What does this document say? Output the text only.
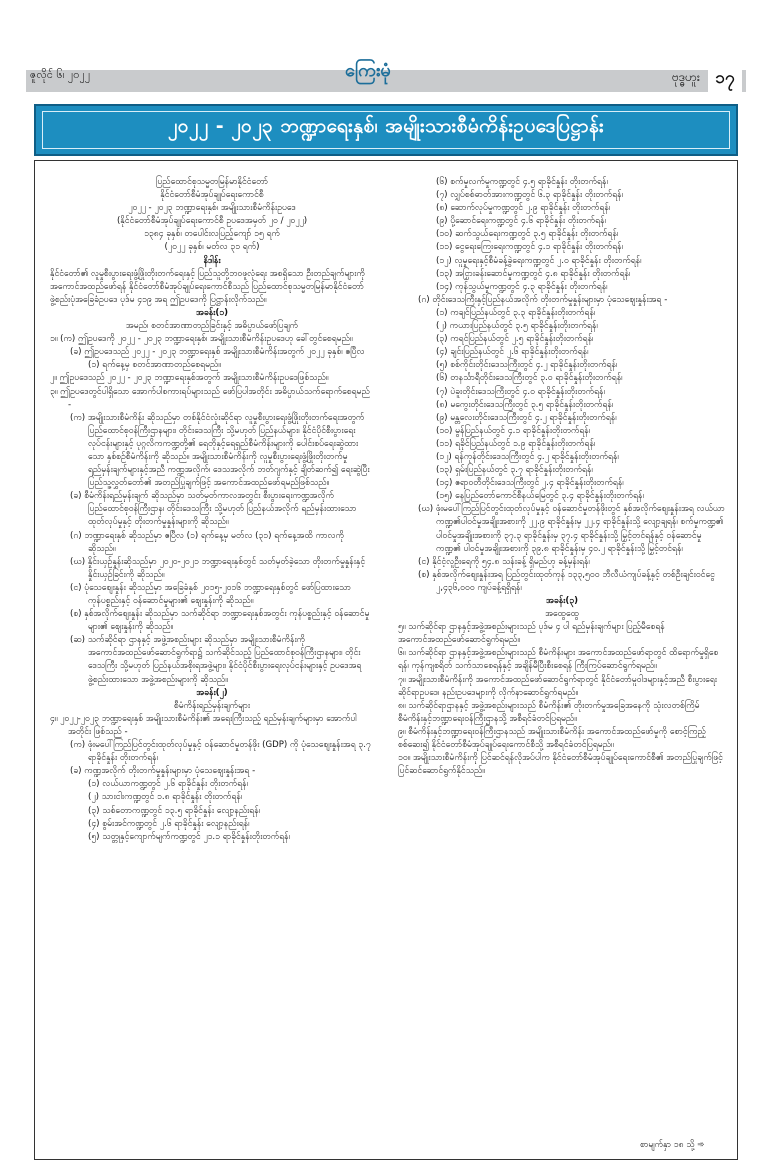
ဇူလိုင် ၆၊ ၂၀၂၂	ကြေးမုံ	ဗုဒ္ဓဟူး ၁၇
၂၀၂၂ - ၂၀၂၃ ဘဏ္ဍာရေးနှစ်၊ အမျိုးသားစီမံကိန်းဥပဒေပြဋ္ဌာန်း

ပြည်ထောင်စုသမ္မတမြန်မာနိုင်ငံတော်

နိုင်ငံတော်စီမံအုပ်ချုပ်ရေးကောင်စီ

၂၀၂၂ - ၂၀၂၃ ဘဏ္ဍာရေးနှစ်၊ အမျိုးသားစီမံကိန်းဥပဒေ

(နိုင်ငံတော်စီမံအုပ်ချုပ်ရေးကောင်စီ ဥပဒေအမှတ် ၂၀ / ၂၀၂၂)

၁၃၈၄ ခုနှစ်၊ တပေါင်းလပြည့်ကျော် ၁၅ ရက်

(၂၀၂၂ ခုနှစ်၊ မတ်လ ၃၁ ရက်)

နိဒါန်း

နိုင်ငံတော်၏ လူမှုစီးပွားရေးဖွံ့ဖြိုးတိုးတက်ရေးနှင့် ပြည်သူတို့ဘဝဖူလုံရေး အစရှိသော ဦးတည်ချက်များကို အကောင်အထည်ဖော်ရန် နိုင်ငံတော်စီမံအုပ်ချုပ်ရေးကောင်စီသည် ပြည်ထောင်စုသမ္မတမြန်မာနိုင်ငံတော် ဖွဲ့စည်းပုံအခြေခံဥပဒေ ပုဒ်မ ၄၁၉ အရ ဤဥပဒေကို ပြဋ္ဌာန်းလိုက်သည်။

အခန်း(၁)

အမည်၊ စတင်အာဏာတည်ခြင်းနှင့် အဓိပ္ပာယ်ဖော်ပြချက်

၁။ (က) ဤဥပဒေကို ၂၀၂၂ - ၂၀၂၃ ဘဏ္ဍာရေးနှစ်၊ အမျိုးသားစီမံကိန်းဥပဒေဟု ခေါ်တွင်စေရမည်။

(ခ) ဤဥပဒေသည် ၂၀၂၂ - ၂၀၂၃ ဘဏ္ဍာရေးနှစ် အမျိုးသားစီမံကိန်းအတွက် ၂၀၂၂ ခုနှစ်၊ ဧပြီလ (၁) ရက်နေ့မှ စတင်အာဏာတည်စေရမည်။

၂။ ဤဥပဒေသည် ၂၀၂၂ - ၂၀၂၃ ဘဏ္ဍာရေးနှစ်အတွက် အမျိုးသားစီမံကိန်းဥပဒေဖြစ်သည်။

၃။ ဤဥပဒေတွင်ပါရှိသော အောက်ပါစကားရပ်များသည် ဖော်ပြပါအတိုင်း အဓိပ္ပာယ်သက်ရောက်စေရမည် -

(က) အမျိုးသားစီမံကိန်း ဆိုသည်မှာ တစ်နိုင်ငံလုံးဆိုင်ရာ လူမှုစီးပွားရေးဖွံ့ဖြိုးတိုးတက်ရေးအတွက် ပြည်ထောင်စုဝန်ကြီးဌာနများ၊ တိုင်းဒေသကြီး သို့မဟုတ် ပြည်နယ်များ၊ နိုင်ငံပိုင်စီးပွားရေးလုပ်ငန်းများနှင့် ပုဂ္ဂလိကကဏ္ဍတို့၏ ရေတိုနှင့်ရေရှည်စီမံကိန်းများကို ပေါင်းစပ်ရေးဆွဲထားသော နှစ်စဉ်စီမံကိန်းကို ဆိုသည်။ အမျိုးသားစီမံကိန်းကို လူမှုစီးပွားရေးဖွံ့ဖြိုးတိုးတက်မှုရည်မှန်းချက်များနှင့်အညီ ကဏ္ဍအလိုက်၊ ဒေသအလိုက် ဘတ်ဂျက်နှင့် ချိတ်ဆက်၍ ရေးဆွဲပြီး ပြည်သူ့လွှတ်တော်၏ အတည်ပြုချက်ဖြင့် အကောင်အထည်ဖော်ရမည်ဖြစ်သည်။

(ခ) စီမံကိန်းရည်မှန်းချက် ဆိုသည်မှာ သတ်မှတ်ကာလအတွင်း စီးပွားရေးကဏ္ဍအလိုက် ပြည်ထောင်စုဝန်ကြီးဌာန၊ တိုင်းဒေသကြီး သို့မဟုတ် ပြည်နယ်အလိုက် ရည်မှန်းထားသော ထုတ်လုပ်မှုနှင့် တိုးတက်မှုနှုန်းများကို ဆိုသည်။

(ဂ) ဘဏ္ဍာရေးနှစ် ဆိုသည်မှာ ဧပြီလ (၁) ရက်နေ့မှ မတ်လ (၃၁) ရက်နေ့အထိ ကာလကို ဆိုသည်။

(ဃ) နှိုင်းယှဉ်နှုန်းဆိုသည်မှာ ၂၀၂၀-၂၀၂၁ ဘဏ္ဍာရေးနှစ်တွင် သတ်မှတ်ခဲ့သော တိုးတက်မှုနှုန်းနှင့် နှိုင်းယှဉ်ခြင်းကို ဆိုသည်။

(င) ပုံသေစျေးနှုန်း ဆိုသည်မှာ အခြေခံနှစ် ၂၀၁၅-၂၀၁၆ ဘဏ္ဍာရေးနှစ်တွင် ဖော်ပြထားသော ကုန်ပစ္စည်းနှင့် ဝန်ဆောင်မှုများ၏ စျေးနှုန်းကို ဆိုသည်။

(စ) နှစ်အလိုက်စျေးနှုန်း ဆိုသည်မှာ သက်ဆိုင်ရာ ဘဏ္ဍာရေးနှစ်အတွင်း ကုန်ပစ္စည်းနှင့် ဝန်ဆောင်မှုများ၏ စျေးနှုန်းကို ဆိုသည်။

(ဆ) သက်ဆိုင်ရာ ဌာနနှင့် အဖွဲ့အစည်းများ ဆိုသည်မှာ အမျိုးသားစီမံကိန်းကို အကောင်အထည်ဖော်ဆောင်ရွက်ရာ၌ သက်ဆိုင်သည့် ပြည်ထောင်စုဝန်ကြီးဌာနများ၊ တိုင်းဒေသကြီး သို့မဟုတ် ပြည်နယ်အစိုးရအဖွဲ့များ၊ နိုင်ငံပိုင်စီးပွားရေးလုပ်ငန်းများနှင့် ဥပဒေအရဖွဲ့စည်းထားသော အဖွဲ့အစည်းများကို ဆိုသည်။

အခန်း(၂)

စီမံကိန်းရည်မှန်းချက်များ

၄။ ၂၀၂၂-၂၀၂၃ ဘဏ္ဍာရေးနှစ် အမျိုးသားစီမံကိန်း၏ အရေးကြီးသည့် ရည်မှန်းချက်များမှာ အောက်ပါအတိုင်း ဖြစ်သည် -

(က) ဖုံးမပေါ်ကြည်ပြင်တွင်းထုတ်လုပ်မှုနှင့် ဝန်ဆောင်မှုတန်ဖိုး (GDP) ကို ပုံသေစျေးနှုန်းအရ ၃.၇ ရာခိုင်နှုန်း တိုးတက်ရန်၊

(ခ) ကဏ္ဍအလိုက် တိုးတက်မှုနှုန်းများမှာ ပုံသေစျေးနှုန်းအရ -

(၁) လယ်ယာကဏ္ဍတွင် ၂.၆ ရာခိုင်နှုန်း တိုးတက်ရန်၊

(၂) သားငါးကဏ္ဍတွင် ၁.၈ ရာခိုင်နှုန်း တိုးတက်ရန်၊

(၃) သစ်တောကဏ္ဍတွင် ၁၃.၅ ရာခိုင်နှုန်း လျော့နည်းရန်၊

(၄) စွမ်းအင်ကဏ္ဍတွင် ၂.၆ ရာခိုင်နှုန်း လျော့နည်းရန်၊

(၅) သတ္တုနှင့်ကျောက်မျက်ကဏ္ဍတွင် ၂၁.၁ ရာခိုင်နှုန်းတိုးတက်ရန်၊

(၆) စက်မှုလက်မှုကဏ္ဍတွင် ၄.၅ ရာခိုင်နှုန်း တိုးတက်ရန်၊

(၇) လျှပ်စစ်ဓာတ်အားကဏ္ဍတွင် ၆.၃ ရာခိုင်နှုန်း တိုးတက်ရန်၊

(၈) ဆောက်လုပ်မှုကဏ္ဍတွင် ၂.၉ ရာခိုင်နှုန်း တိုးတက်ရန်၊

(၉) ပို့ဆောင်ရေးကဏ္ဍတွင် ၄.၆ ရာခိုင်နှုန်း တိုးတက်ရန်၊

(၁၀) ဆက်သွယ်ရေးကဏ္ဍတွင် ၃.၅ ရာခိုင်နှုန်း တိုးတက်ရန်၊

(၁၁) ငွေရေးကြေးရေးကဏ္ဍတွင် ၄.၁ ရာခိုင်နှုန်း တိုးတက်ရန်၊

(၁၂) လူမှုရေးနှင့်စီမံခန့်ခွဲရေးကဏ္ဍတွင် ၂.၀ ရာခိုင်နှုန်း တိုးတက်ရန်၊

(၁၃) အငြှားခန်းဆောင်မှုကဏ္ဍတွင် ၄.၈ ရာခိုင်နှုန်း တိုးတက်ရန်၊

(၁၄) ကုန်သွယ်မှုကဏ္ဍတွင် ၄.၃ ရာခိုင်နှုန်း တိုးတက်ရန်၊

(ဂ) တိုင်းဒေသကြီးနှင့်ပြည်နယ်အလိုက် တိုးတက်မှုနှုန်းများမှာ ပုံသေစျေးနှုန်းအရ -

(၁) ကချင်ပြည်နယ်တွင် ၃.၃ ရာခိုင်နှုန်းတိုးတက်ရန်၊

(၂) ကယားပြည်နယ်တွင် ၃.၅ ရာခိုင်နှုန်းတိုးတက်ရန်၊

(၃) ကရင်ပြည်နယ်တွင် ၂.၅ ရာခိုင်နှုန်းတိုးတက်ရန်၊

(၄) ချင်းပြည်နယ်တွင် ၂.၆ ရာခိုင်နှုန်းတိုးတက်ရန်၊

(၅) စစ်ကိုင်းတိုင်းဒေသကြီးတွင် ၄.၂ ရာခိုင်နှုန်းတိုးတက်ရန်၊

(၆) တနင်္သာရီတိုင်းဒေသကြီးတွင် ၃.၀ ရာခိုင်နှုန်းတိုးတက်ရန်၊

(၇) ပဲခူးတိုင်းဒေသကြီးတွင် ၄.၀ ရာခိုင်နှုန်းတိုးတက်ရန်၊

(၈) မကွေးတိုင်းဒေသကြီးတွင် ၃.၅ ရာခိုင်နှုန်းတိုးတက်ရန်၊

(၉) မန္တလေးတိုင်းဒေသကြီးတွင် ၄.၂ ရာခိုင်နှုန်းတိုးတက်ရန်၊

(၁၀) မွန်ပြည်နယ်တွင် ၄.၁ ရာခိုင်နှုန်းတိုးတက်ရန်၊

(၁၁) ရခိုင်ပြည်နယ်တွင် ၁.၉ ရာခိုင်နှုန်းတိုးတက်ရန်၊

(၁၂) ရန်ကုန်တိုင်းဒေသကြီးတွင် ၄.၂ ရာခိုင်နှုန်းတိုးတက်ရန်၊

(၁၃) ရှမ်းပြည်နယ်တွင် ၃.၇ ရာခိုင်နှုန်းတိုးတက်ရန်၊

(၁၄) ဧရာဝတီတိုင်းဒေသကြီးတွင် ၂.၄ ရာခိုင်နှုန်းတိုးတက်ရန်၊

(၁၅) နေပြည်တော်ကောင်စီနယ်မြေတွင် ၃.၄ ရာခိုင်နှုန်းတိုးတက်ရန်၊

(ဃ) ဖုံးမပေါ်ကြည်ပြင်တွင်းထုတ်လုပ်မှုနှင့် ဝန်ဆောင်မှုတန်ဖိုးတွင် နှစ်အလိုက်စျေးနှုန်းအရ လယ်ယာကဏ္ဍ၏ပါဝင်မှုအချိုးအစားကို ၂၂.၉ ရာခိုင်နှုန်းမှ ၂၂.၄ ရာခိုင်နှုန်းသို့ လျော့ချရန်၊ စက်မှုကဏ္ဍ၏ ပါဝင်မှုအချိုးအစားကို ၃၇.၃ ရာခိုင်နှုန်းမှ ၃၇.၄ ရာခိုင်နှုန်းသို့ မြှင့်တင်ရန်နှင့် ဝန်ဆောင်မှုကဏ္ဍ၏ ပါဝင်မှုအချိုးအစားကို ၃၉.၈ ရာခိုင်နှုန်းမှ ၄၀.၂ ရာခိုင်နှုန်းသို့ မြှင့်တင်ရန်၊

(င) နိုင်ငံ့လူဦးရေကို ၅၄.၈ သန်းခန့် ရှိမည်ဟု ခန့်မှန်းရန်၊

(စ) နှစ်အလိုက်စျေးနှုန်းအရ ပြည်တွင်းထုတ်ကုန် ၁၃၃,၅၀၀ ဘီလီယံကျပ်ခန့်နှင့် တစ်ဦးချင်းဝင်ငွေ ၂,၄၃၆,၀၀၀ ကျပ်ခန့်ရရှိရန်၊

အခန်း(၃)

အထွေထွေ

၅။ သက်ဆိုင်ရာ ဌာနနှင့်အဖွဲ့အစည်းများသည် ပုဒ်မ ၄ ပါ ရည်မှန်းချက်များ ပြည့်မီစေရန် အကောင်အထည်ဖော်ဆောင်ရွက်ရမည်။

၆။ သက်ဆိုင်ရာ ဌာနနှင့်အဖွဲ့အစည်းများသည် စီမံကိန်းများ အကောင်အထည်ဖော်ရာတွင် ထိရောက်မှုရှိစေရန်၊ ကုန်ကျစရိတ် သက်သာစေရန်နှင့် အချိန်မီပြီးစီးစေရန် ကြီးကြပ်ဆောင်ရွက်ရမည်။

၇။ အမျိုးသားစီမံကိန်းကို အကောင်အထည်ဖော်ဆောင်ရွက်ရာတွင် နိုင်ငံတော်မူဝါဒများနှင့်အညီ စီးပွားရေးဆိုင်ရာဥပဒေ၊ နည်းဥပဒေများကို လိုက်နာဆောင်ရွက်ရမည်။

၈။ သက်ဆိုင်ရာဌာနနှင့် အဖွဲ့အစည်းများသည် စီမံကိန်း၏ တိုးတက်မှုအခြေအနေကို သုံးလတစ်ကြိမ် စီမံကိန်းနှင့်ဘဏ္ဍာရေးဝန်ကြီးဌာနသို့ အစီရင်ခံတင်ပြရမည်။

၉။ စီမံကိန်းနှင့်ဘဏ္ဍာရေးဝန်ကြီးဌာနသည် အမျိုးသားစီမံကိန်း အကောင်အထည်ဖော်မှုကို စောင့်ကြည့်စစ်ဆေး၍ နိုင်ငံတော်စီမံအုပ်ချုပ်ရေးကောင်စီသို့ အစီရင်ခံတင်ပြရမည်။

၁၀။ အမျိုးသားစီမံကိန်းကို ပြင်ဆင်ရန်လိုအပ်ပါက နိုင်ငံတော်စီမံအုပ်ချုပ်ရေးကောင်စီ၏ အတည်ပြုချက်ဖြင့် ပြင်ဆင်ဆောင်ရွက်နိုင်သည်။

စာမျက်နှာ ၁၈ သို့ ➾
